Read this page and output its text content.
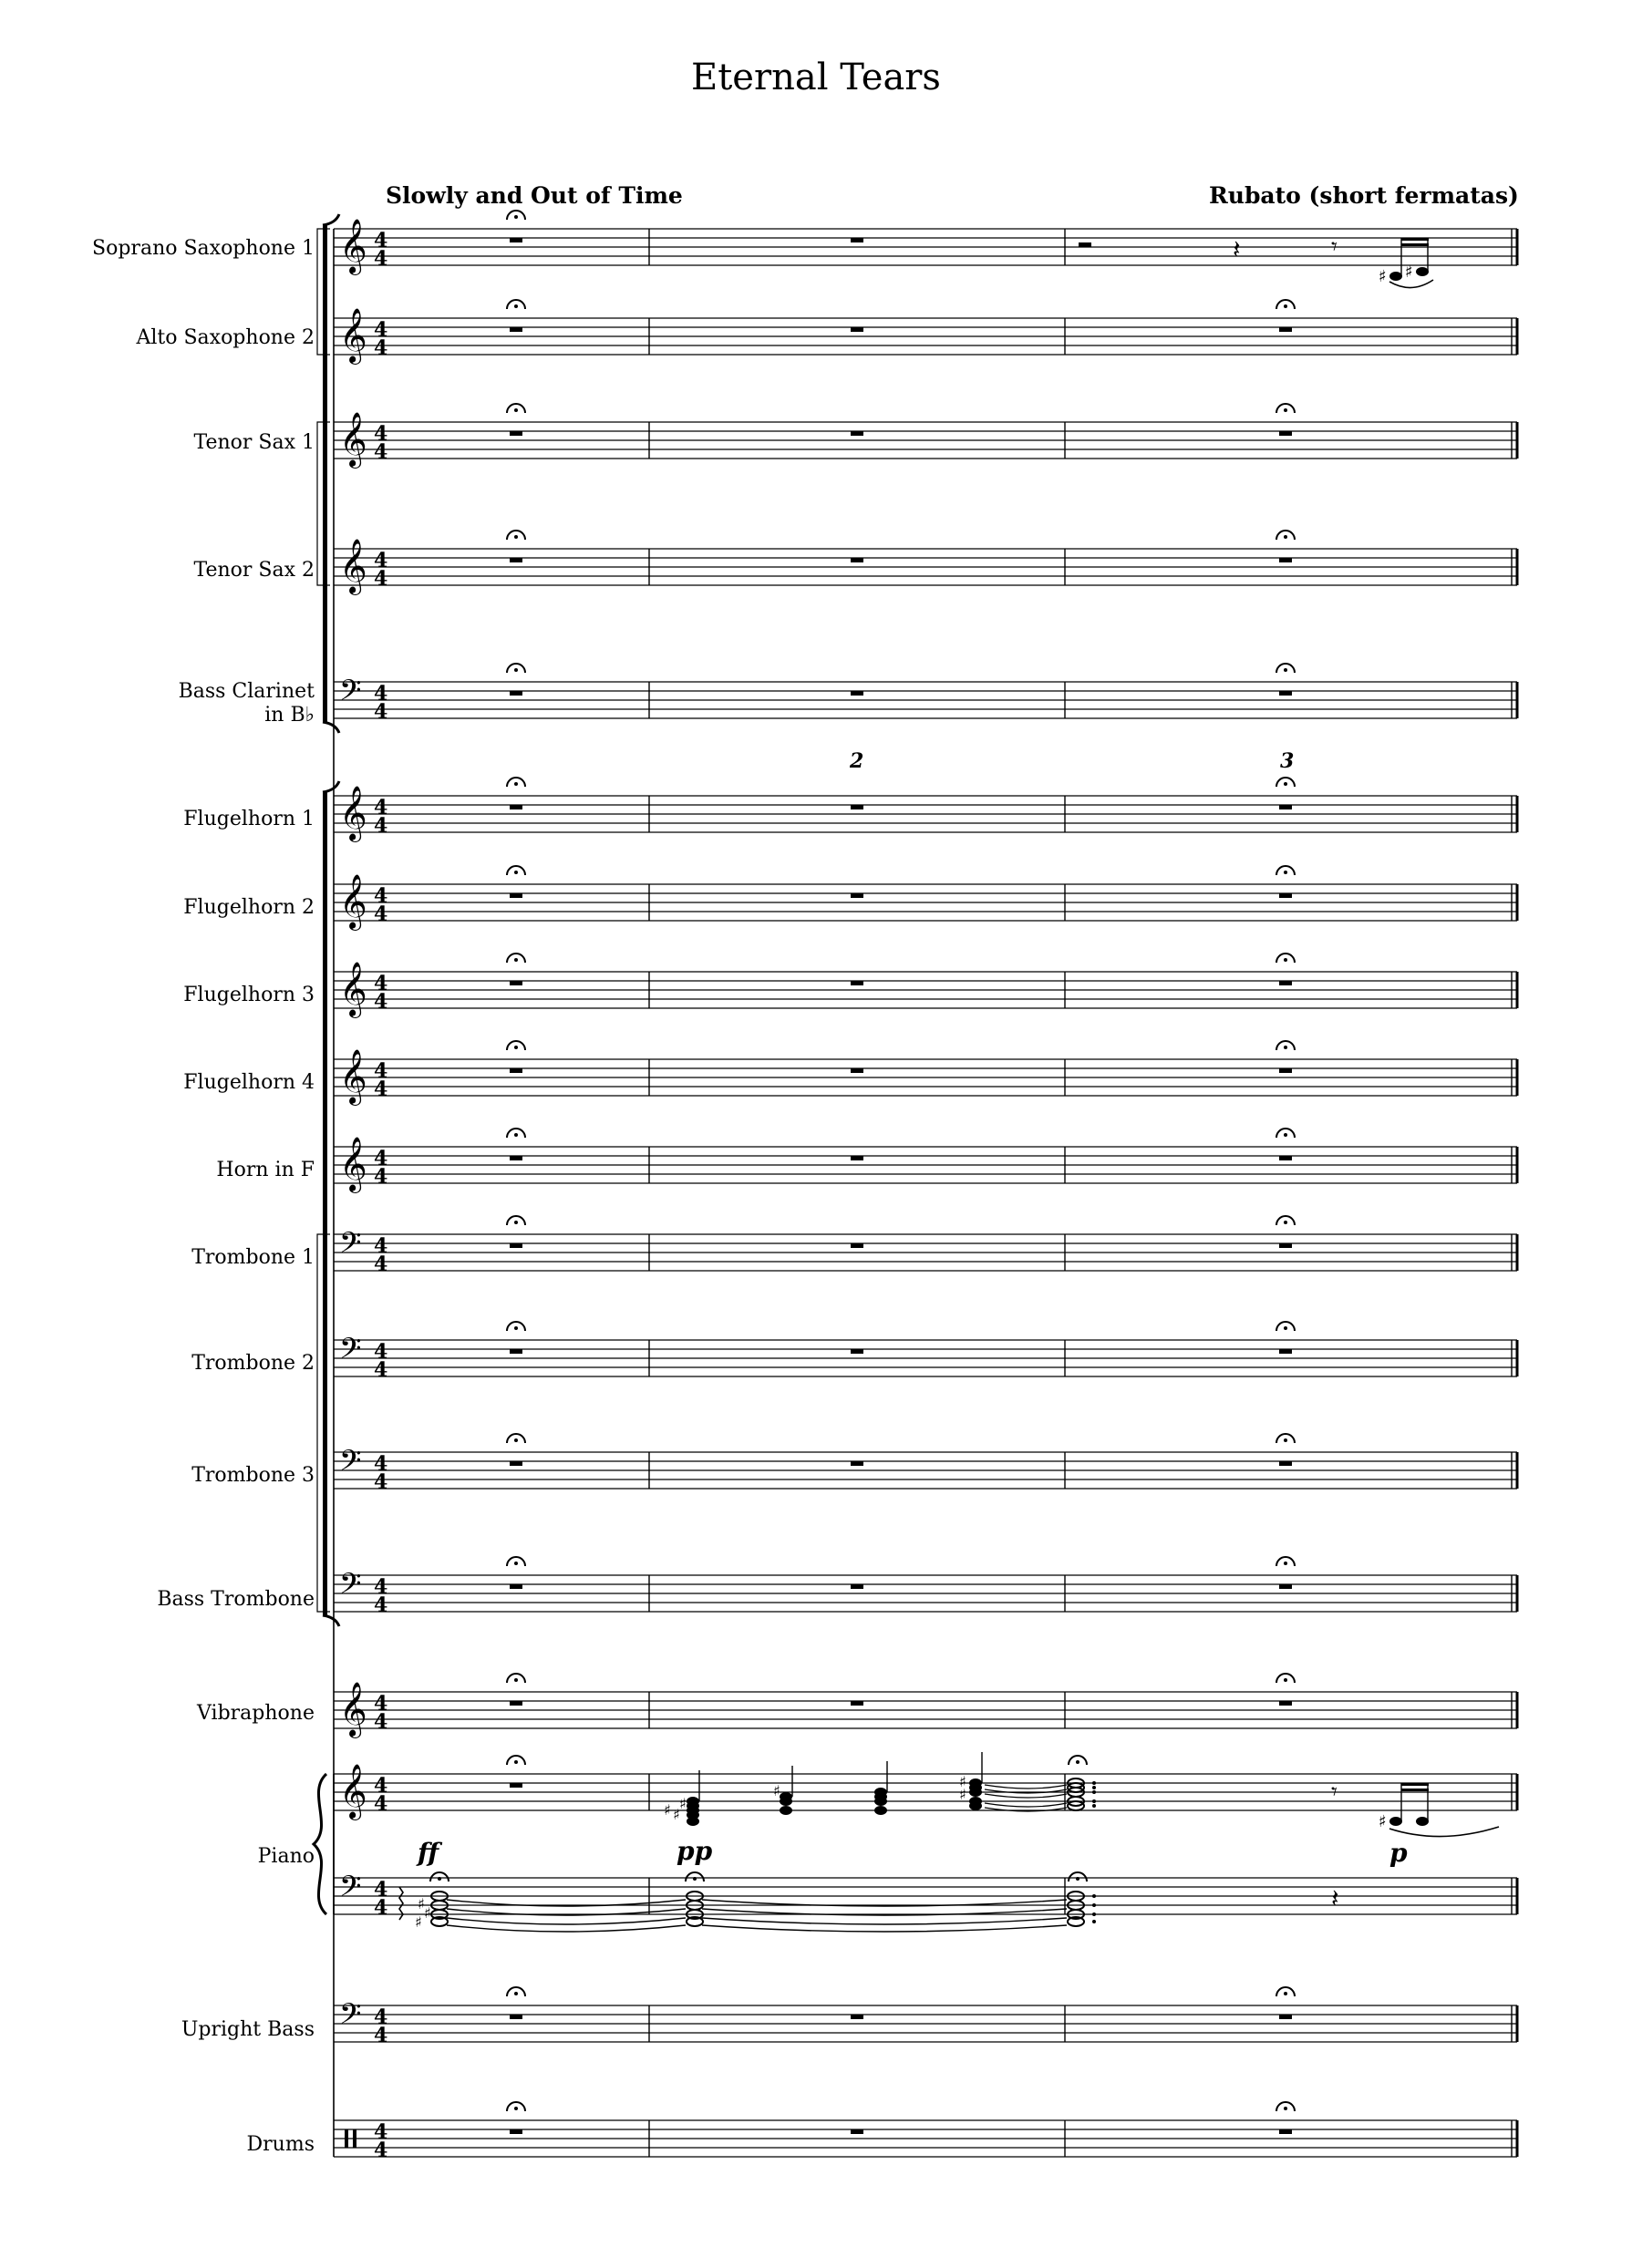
Eternal Tears
Slowly and Out of Time	Rubato (short fermatas)
2	3
Soprano Saxophone 1
Alto Saxophone 2
Tenor Sax 1
Tenor Sax 2
Bass Clarinet
in B♭
Flugelhorn 1
Flugelhorn 2
Flugelhorn 3
Flugelhorn 4
Horn in F
Trombone 1
Trombone 2
Trombone 3
Bass Trombone
Vibraphone
Piano
Upright Bass
Drums
𝄞 4
4
𝄞 4
4
𝄞 4
4
𝄞 4
4
𝄢 4
4
𝄞 4
4
𝄞 4
4
𝄞 4
4
𝄞 4
4
𝄞 4
4
𝄢 4
4
𝄢 4
4
𝄢 4
4
𝄢 4
4
𝄞 4
4
𝄞 4
4
𝄢 4
4
𝄢 4
4
4
4
𝄽	𝄾
♯ ♯
♯ ♯
♯
♯
♯
♯	𝄾
♯
♯
♯
♯
𝄽
ff	pp	p
